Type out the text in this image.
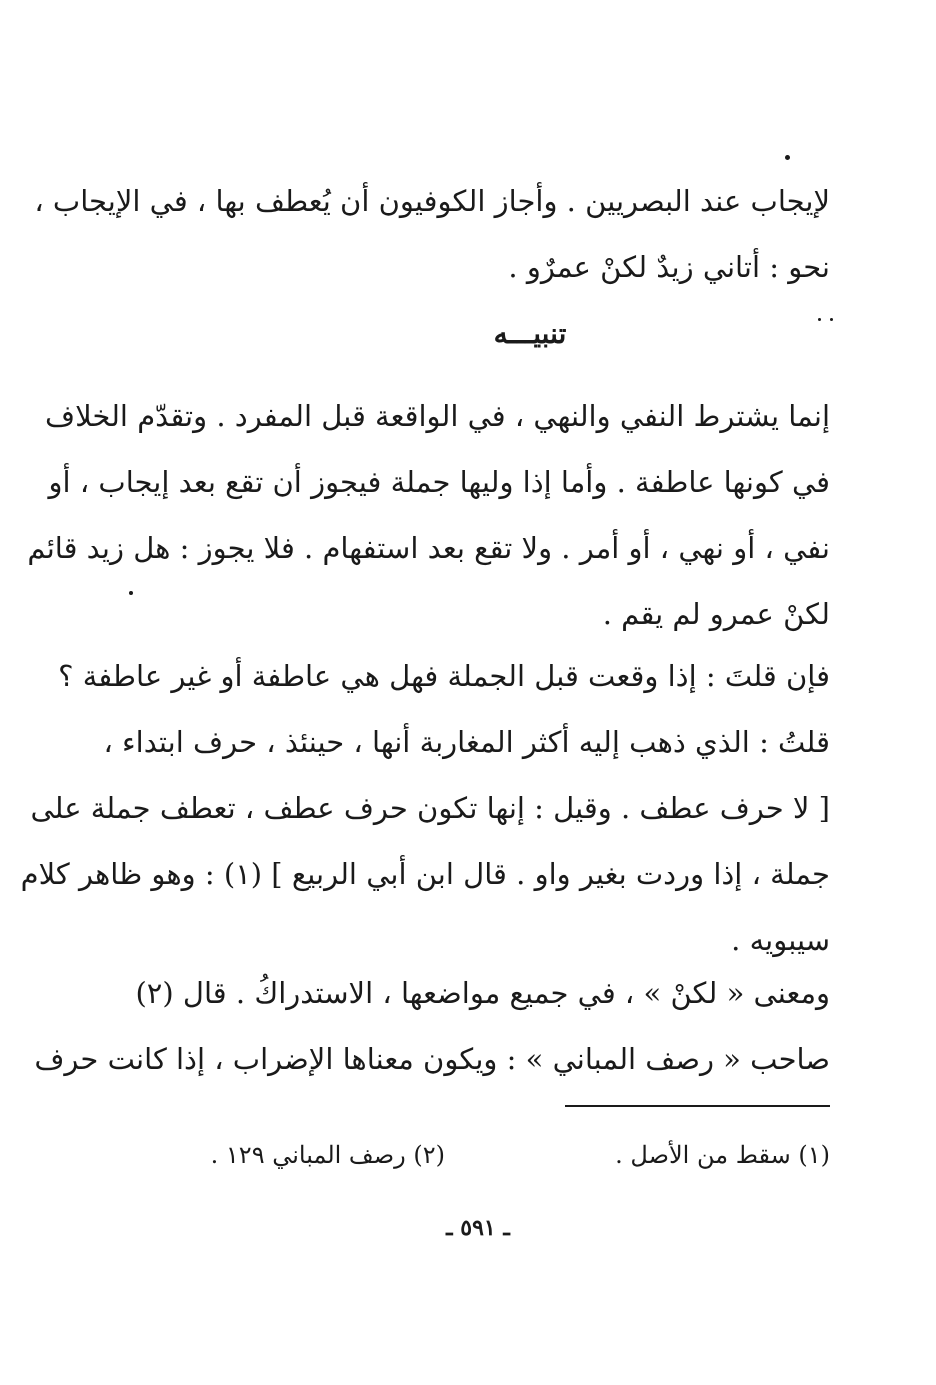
لإيجاب عند البصريين . وأجاز الكوفيون أن يُعطف بها ، في الإيجاب ،
نحو : أتاني زيدٌ لكنْ عمرٌو .
تنبيـــه
إنما يشترط النفي والنهي ، في الواقعة قبل المفرد . وتقدّم الخلاف
في كونها عاطفة . وأما إذا وليها جملة فيجوز أن تقع بعد إيجاب ، أو
نفي ، أو نهي ، أو أمر . ولا تقع بعد استفهام . فلا يجوز : هل زيد قائم
لكنْ عمرو لم يقم .
فإن قلتَ : إذا وقعت قبل الجملة فهل هي عاطفة أو غير عاطفة ؟
قلتُ : الذي ذهب إليه أكثر المغاربة أنها ، حينئذ ، حرف ابتداء ،
[ لا حرف عطف . وقيل : إنها تكون حرف عطف ، تعطف جملة على
جملة ، إذا وردت بغير واو . قال ابن أبي الربيع ] (١) : وهو ظاهر كلام
سيبويه .
ومعنى « لكنْ » ، في جميع مواضعها ، الاستدراكُ . قال (٢)
صاحب « رصف المباني » : ويكون معناها الإضراب ، إذا كانت حرف
(١) سقط من الأصل .
(٢) رصف المباني ١٢٩ .
ـ ٥٩١ ـ
